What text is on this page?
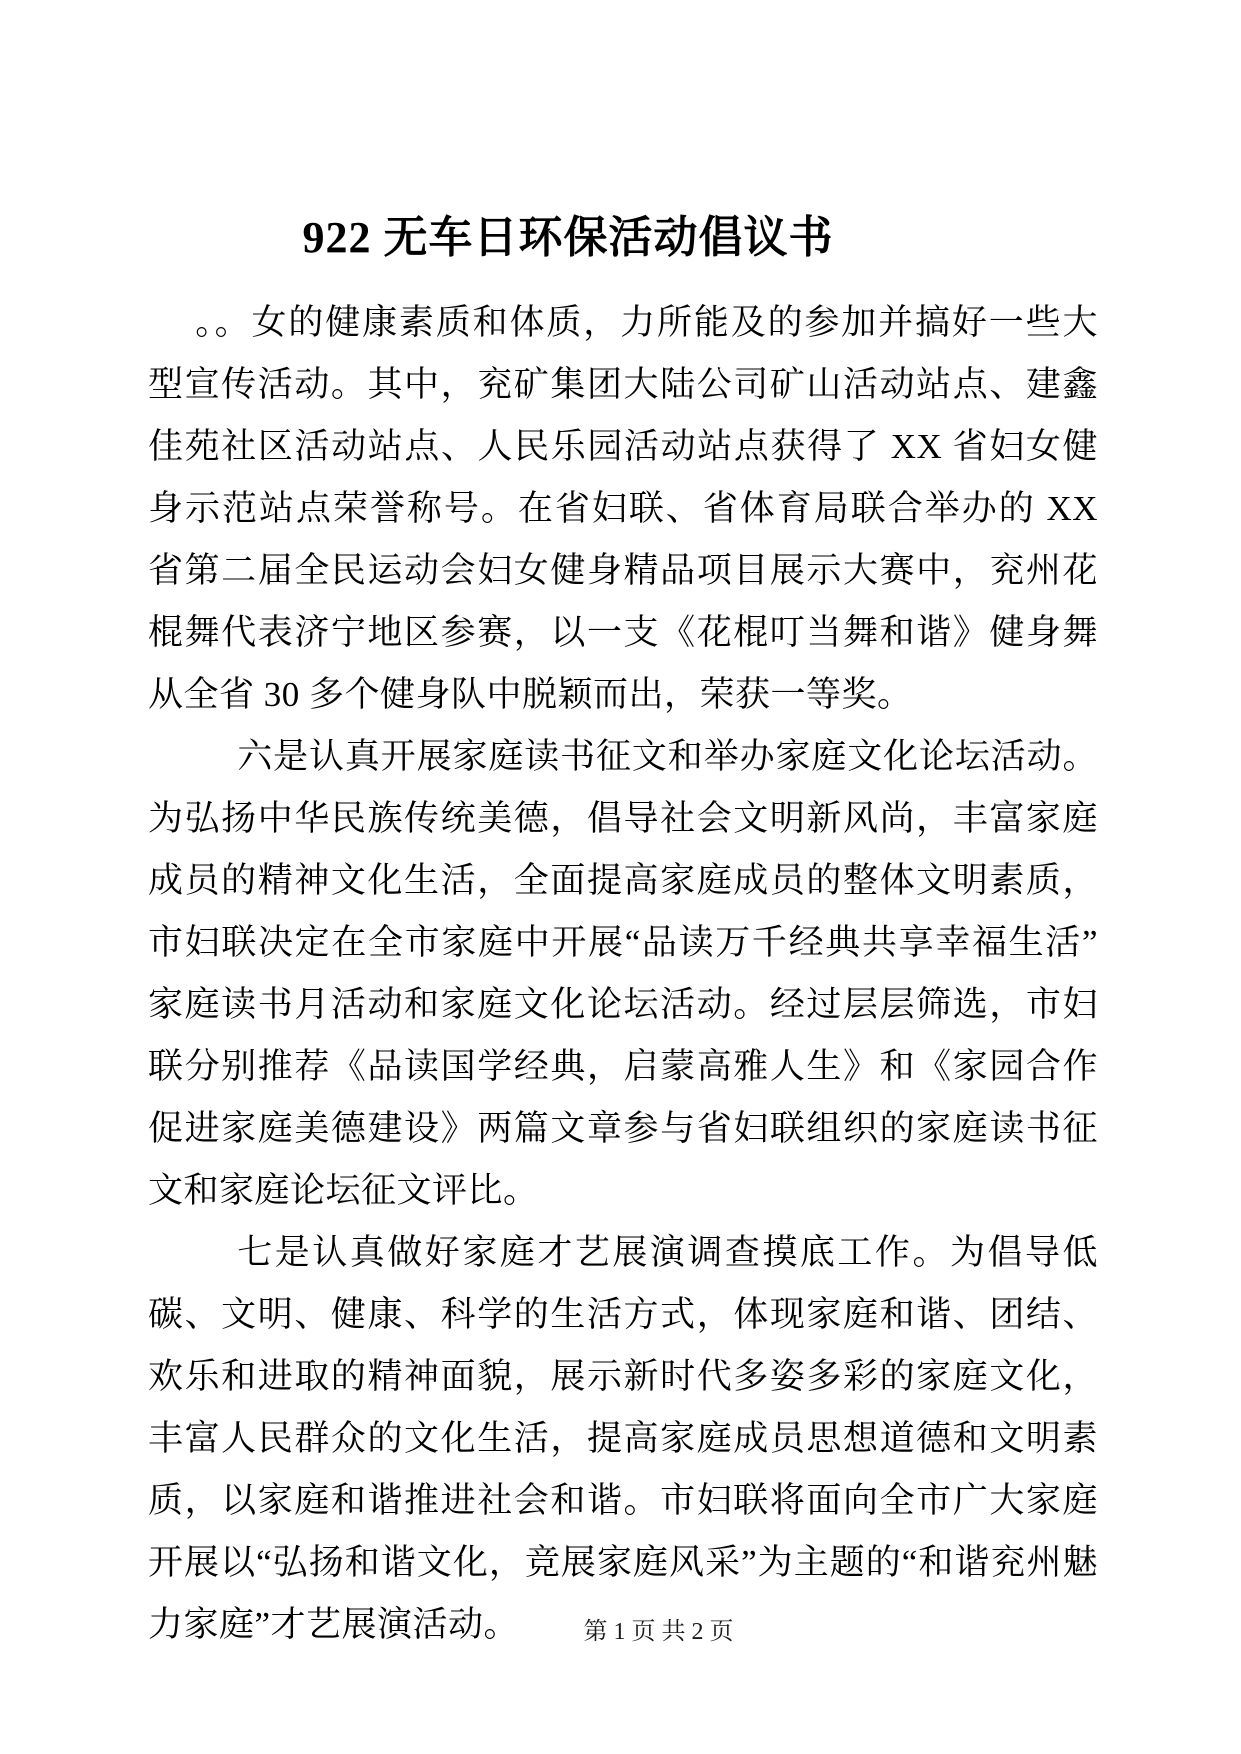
922 无车日环保活动倡议书

。。女的健康素质和体质，力所能及的参加并搞好一些大型宣传活动。其中，兖矿集团大陆公司矿山活动站点、建鑫佳苑社区活动站点、人民乐园活动站点获得了 XX 省妇女健身示范站点荣誉称号。在省妇联、省体育局联合举办的 XX 省第二届全民运动会妇女健身精品项目展示大赛中，兖州花棍舞代表济宁地区参赛，以一支《花棍叮当舞和谐》健身舞从全省 30 多个健身队中脱颖而出，荣获一等奖。

六是认真开展家庭读书征文和举办家庭文化论坛活动。为弘扬中华民族传统美德，倡导社会文明新风尚，丰富家庭成员的精神文化生活，全面提高家庭成员的整体文明素质，市妇联决定在全市家庭中开展“品读万千经典共享幸福生活”家庭读书月活动和家庭文化论坛活动。经过层层筛选，市妇联分别推荐《品读国学经典，启蒙高雅人生》和《家园合作促进家庭美德建设》两篇文章参与省妇联组织的家庭读书征文和家庭论坛征文评比。

七是认真做好家庭才艺展演调查摸底工作。为倡导低碳、文明、健康、科学的生活方式，体现家庭和谐、团结、欢乐和进取的精神面貌，展示新时代多姿多彩的家庭文化，丰富人民群众的文化生活，提高家庭成员思想道德和文明素质，以家庭和谐推进社会和谐。市妇联将面向全市广大家庭开展以“弘扬和谐文化，竞展家庭风采”为主题的“和谐兖州魅力家庭”才艺展演活动。	第 1 页 共 2 页
